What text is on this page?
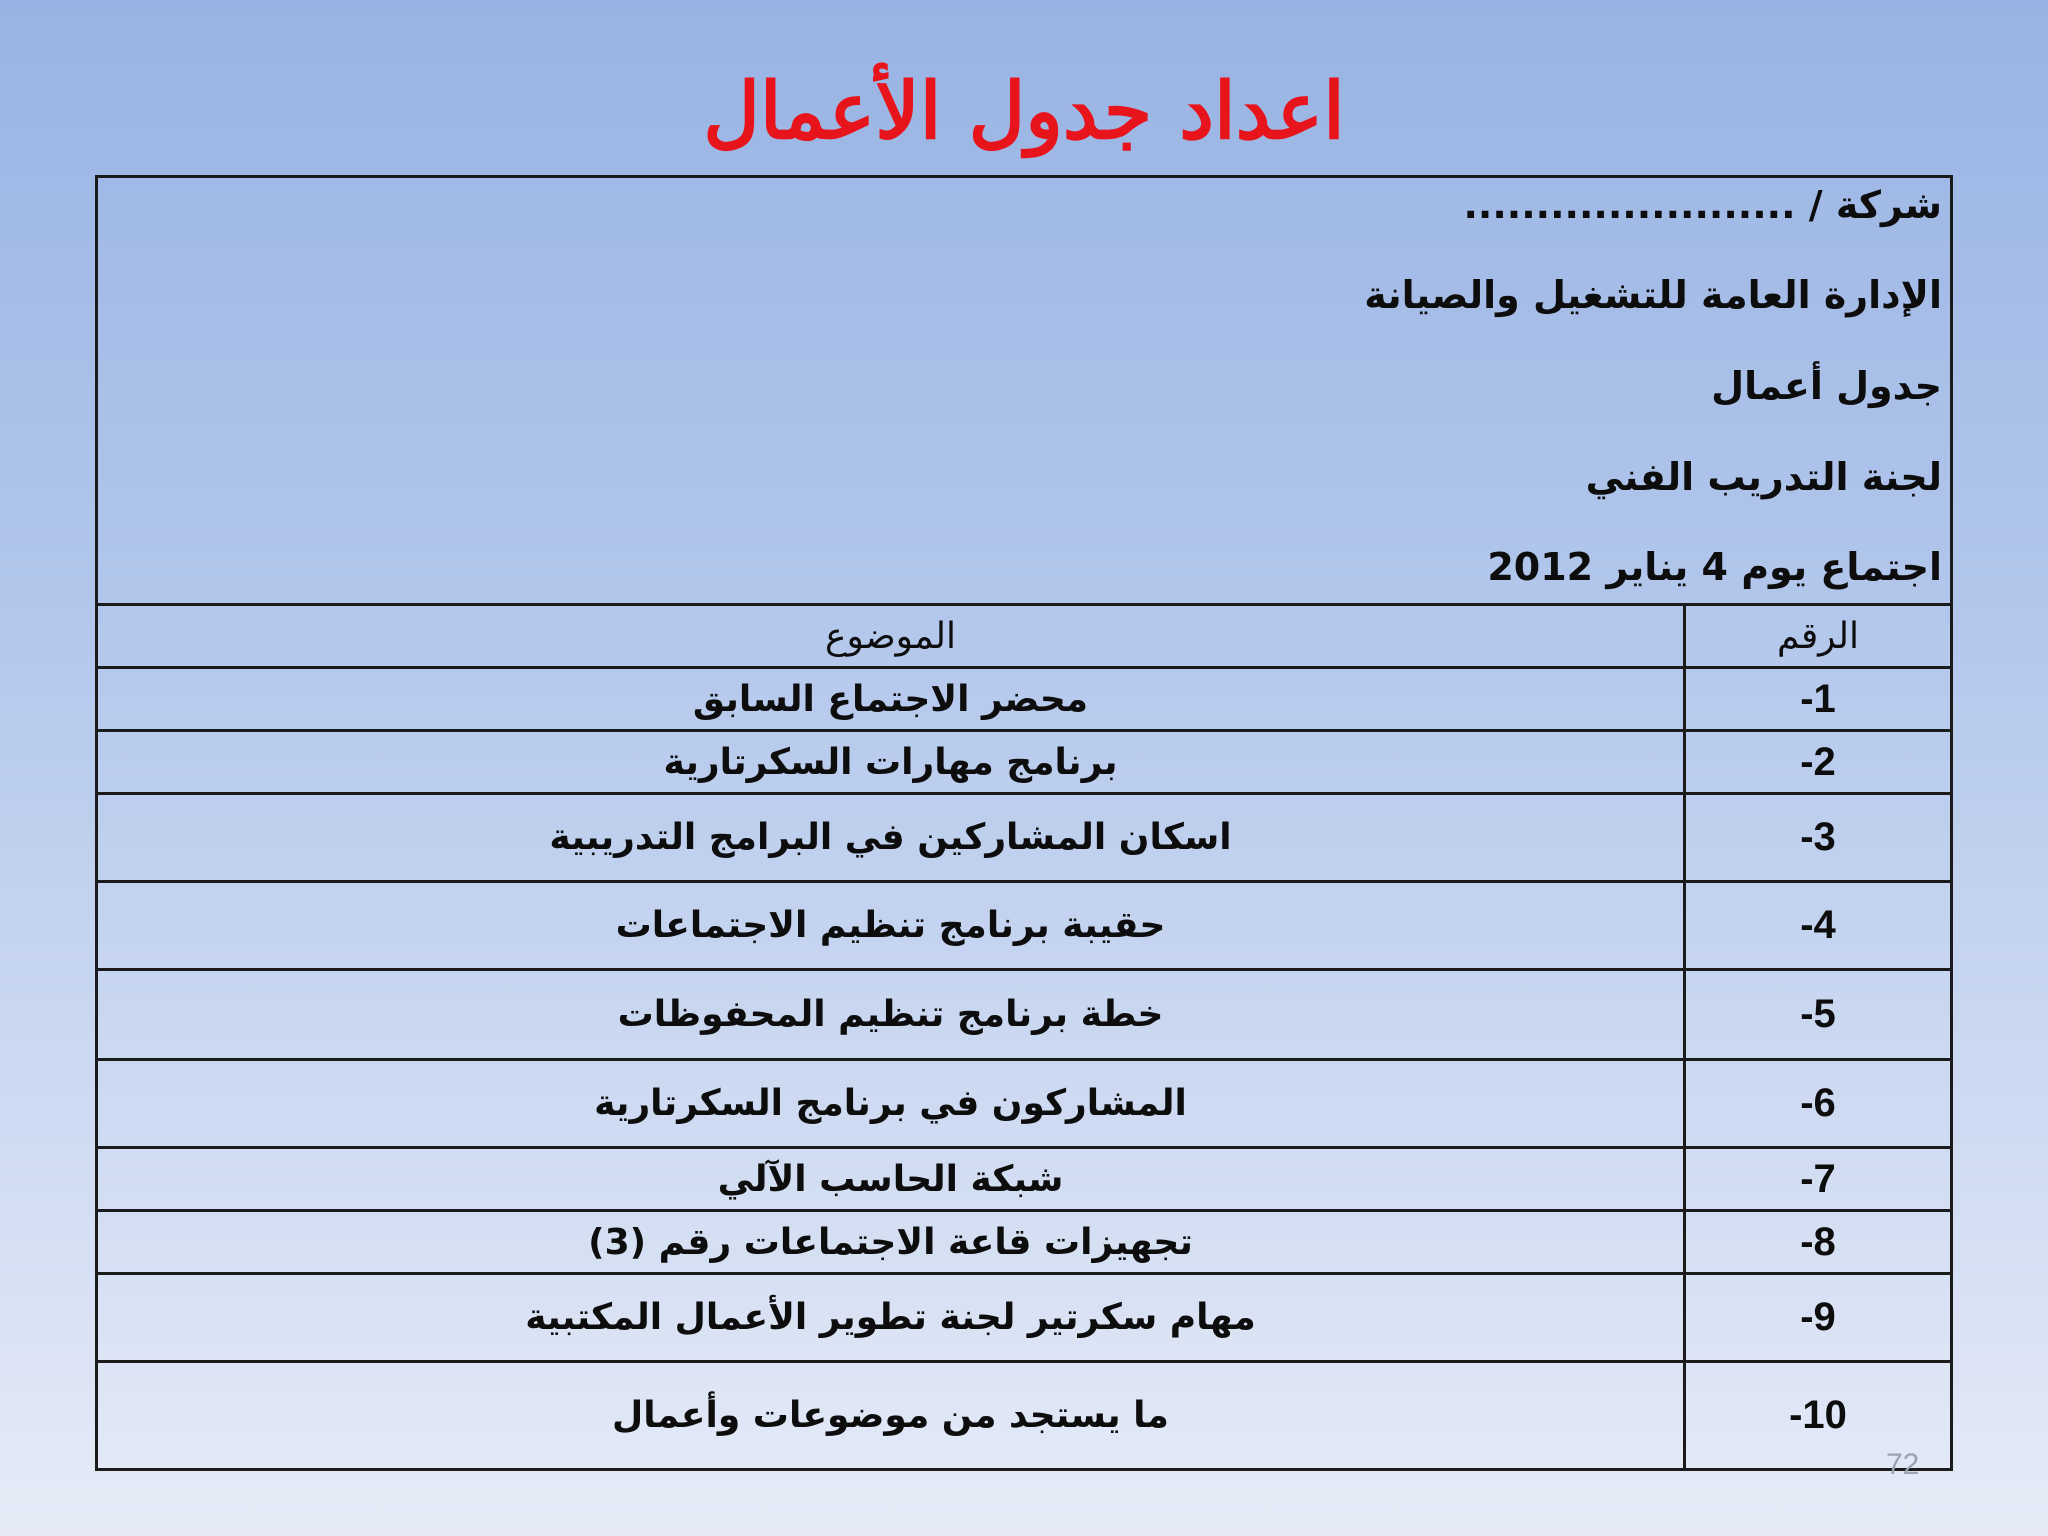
اعداد جدول الأعمال
شركة / .......................
الإدارة العامة للتشغيل والصيانة
جدول أعمال
لجنة التدريب الفني
اجتماع يوم 4 يناير 2012
الرقم	الموضوع
1-	محضر الاجتماع السابق
2-	برنامج مهارات السكرتارية
3-	اسكان المشاركين في البرامج التدريبية
4-	حقيبة برنامج تنظيم الاجتماعات
5-	خطة برنامج تنظيم المحفوظات
6-	المشاركون في برنامج السكرتارية
7-	شبكة الحاسب الآلي
8-	تجهيزات قاعة الاجتماعات رقم (3)
9-	مهام سكرتير لجنة تطوير الأعمال المكتبية
10-	ما يستجد من موضوعات وأعمال
72
